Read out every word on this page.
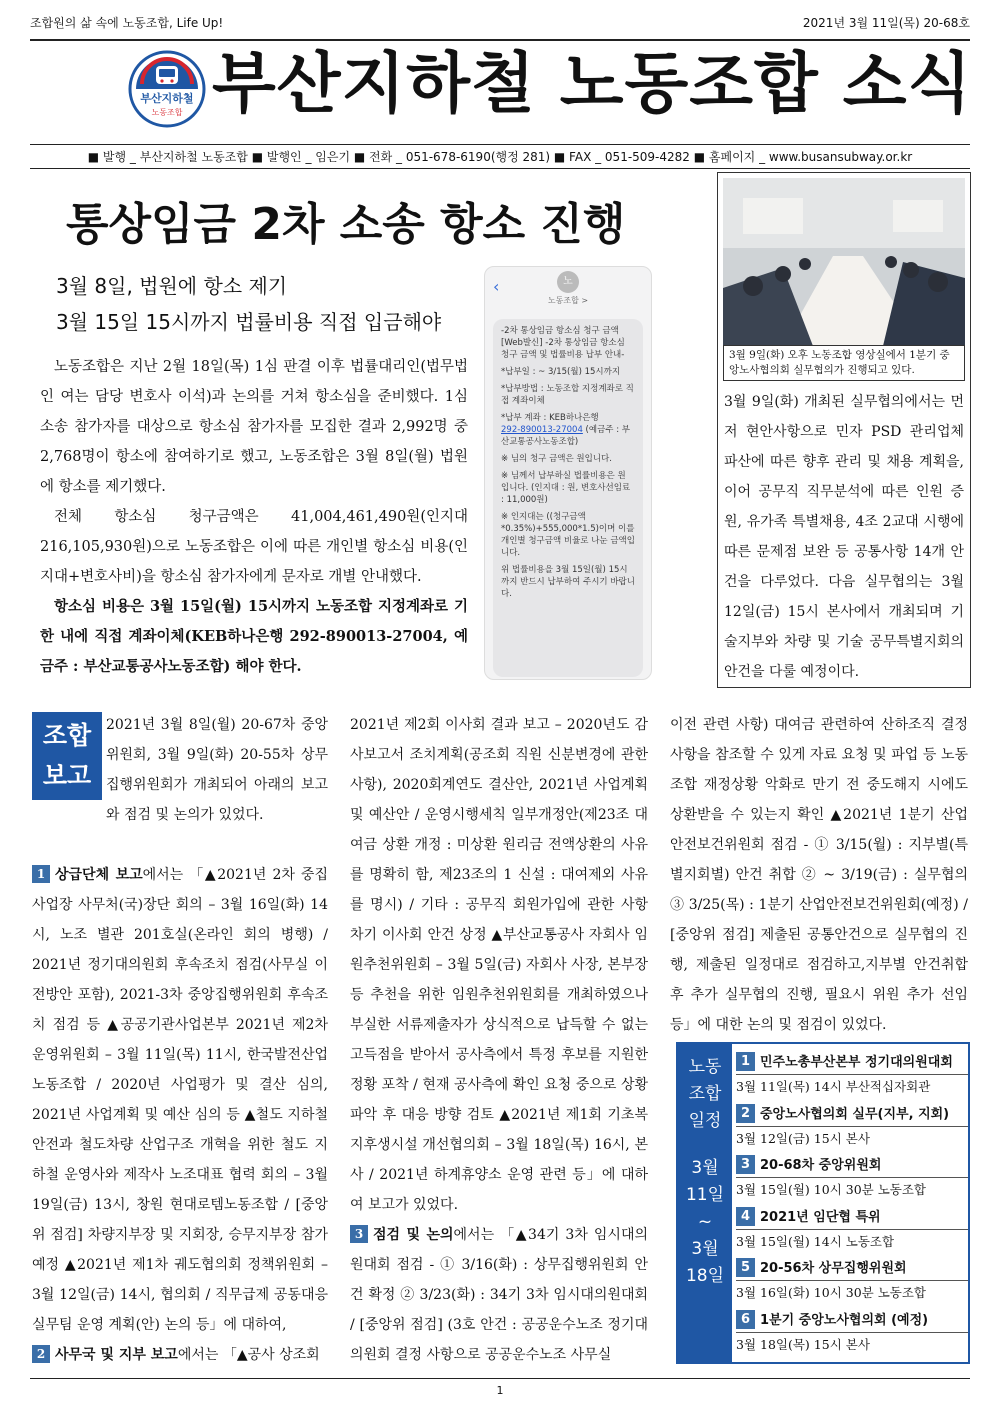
조합원의 삶 속에 노동조합, Life Up!	2021년 3월 11일(목) 20-68호
부산지하철
노동조합 부산지하철 노동조합 소식
■ 발행 _ 부산지하철 노동조합 ■ 발행인 _ 임은기 ■ 전화 _ 051-678-6190(행정 281) ■ FAX _ 051-509-4282 ■ 홈페이지 _ www.busansubway.or.kr
통상임금 2차 소송 항소 진행
3월 8일, 법원에 항소 제기
3월 15일 15시까지 법률비용 직접 입금해야

노동조합은 지난 2월 18일(목) 1심 판결 이후 법률대리인(법무법인 여는 담당 변호사 이석)과 논의를 거쳐 항소심을 준비했다. 1심 소송 참가자를 대상으로 항소심 참가자를 모집한 결과 2,992명 중 2,768명이 항소에 참여하기로 했고, 노동조합은 3월 8일(월) 법원에 항소를 제기했다.

전체 항소심 청구금액은 41,004,461,490원(인지대 216,105,930원)으로 노동조합은 이에 따른 개인별 항소심 비용(인지대+변호사비)을 항소심 참가자에게 문자로 개별 안내했다.

항소심 비용은 3월 15일(월) 15시까지 노동조합 지정계좌로 기한 내에 직접 계좌이체(KEB하나은행 292-890013-27004, 예금주 : 부산교통공사노동조합) 해야 한다.

‹	노
노동조합 >

-2차 통상임금 항소심 청구 금액 [Web발신] -2차 통상임금 항소심 청구 금액 및 법률비용 납부 안내-

*납부일 : ~ 3/15(월) 15시까지

*납부방법 : 노동조합 지정계좌로 직접 계좌이체

*납부 계좌 : KEB하나은행
292-890013-27004 (예금주 : 부산교통공사노동조합)

※ 님의 청구 금액은 원입니다.

※ 님께서 납부하실 법률비용은 원 입니다. (인지대 : 원, 변호사선임료 : 11,000원)

※ 인지대는 ((청구금액*0.35%)+555,000*1.5)이며 이를 개인별 청구금액 비율로 나눈 금액입니다.

위 법률비용을 3월 15일(월) 15시까지 반드시 납부하여 주시기 바랍니다.

3월 9일(화) 오후 노동조합 영상실에서 1분기 중앙노사협의회 실무협의가 진행되고 있다.
3월 9일(화) 개최된 실무협의에서는 먼저 현안사항으로 민자 PSD 관리업체 파산에 따른 향후 관리 및 채용 계획을, 이어 공무직 직무분석에 따른 인원 증원, 유가족 특별채용, 4조 2교대 시행에 따른 문제점 보완 등 공통사항 14개 안건을 다루었다. 다음 실무협의는 3월 12일(금) 15시 본사에서 개최되며 기술지부와 차량 및 기술 공무특별지회의 안건을 다룰 예정이다.
조합
보고
2021년 3월 8일(월) 20-67차 중앙위원회, 3월 9일(화) 20-55차 상무집행위원회가 개최되어 아래의 보고와 점검 및 논의가 있었다.
1 상급단체 보고에서는 「▲2021년 2차 중집 사업장 사무처(국)장단 회의 – 3월 16일(화) 14시, 노조 별관 201호실(온라인 회의 병행) / 2021년 정기대의원회 후속조치 점검(사무실 이전방안 포함), 2021-3차 중앙집행위원회 후속조치 점검 등 ▲공공기관사업본부 2021년 제2차 운영위원회 – 3월 11일(목) 11시, 한국발전산업노동조합 / 2020년 사업평가 및 결산 심의, 2021년 사업계획 및 예산 심의 등 ▲철도 지하철 안전과 철도차량 산업구조 개혁을 위한 철도 지하철 운영사와 제작사 노조대표 협력 회의 – 3월 19일(금) 13시, 창원 현대로템노동조합 / [중앙위 점검] 차량지부장 및 지회장, 승무지부장 참가 예정 ▲2021년 제1차 궤도협의회 정책위원회 – 3월 12일(금) 14시, 협의회 / 직무급제 공동대응 실무팀 운영 계획(안) 논의 등」에 대하여,
2 사무국 및 지부 보고에서는 「▲공사 상조회
2021년 제2회 이사회 결과 보고 – 2020년도 감사보고서 조치계획(공조회 직원 신분변경에 관한 사항), 2020회계연도 결산안, 2021년 사업계획 및 예산안 / 운영시행세칙 일부개정안(제23조 대여금 상환 개정 : 미상환 원리금 전액상환의 사유를 명확히 함, 제23조의 1 신설 : 대여제외 사유를 명시) / 기타 : 공무직 회원가입에 관한 사항 차기 이사회 안건 상정 ▲부산교통공사 자회사 임원추천위원회 – 3월 5일(금) 자회사 사장, 본부장 등 추천을 위한 임원추천위원회를 개최하였으나 부실한 서류제출자가 상식적으로 납득할 수 없는 고득점을 받아서 공사측에서 특정 후보를 지원한 정황 포착 / 현재 공사측에 확인 요청 중으로 상황 파악 후 대응 방향 검토 ▲2021년 제1회 기초복지후생시설 개선협의회 – 3월 18일(목) 16시, 본사 / 2021년 하계휴양소 운영 관련 등」에 대하여 보고가 있었다.
3 점검 및 논의에서는 「▲34기 3차 임시대의원대회 점검 - ① 3/16(화) : 상무집행위원회 안건 확정 ② 3/23(화) : 34기 3차 임시대의원대회 / [중앙위 점검] (3호 안건 : 공공운수노조 정기대의원회 결정 사항으로 공공운수노조 사무실
이전 관련 사항) 대여금 관련하여 산하조직 결정 사항을 참조할 수 있게 자료 요청 및 파업 등 노동조합 재정상황 악화로 만기 전 중도해지 시에도 상환받을 수 있는지 확인 ▲2021년 1분기 산업안전보건위원회 점검 - ① 3/15(월) : 지부별(특별지회별) 안건 취합 ② ~ 3/19(금) : 실무협의 ③ 3/25(목) : 1분기 산업안전보건위원회(예정) / [중앙위 점검] 제출된 공통안건으로 실무협의 진행, 제출된 일정대로 점검하고,지부별 안건취합 후 추가 실무협의 진행, 필요시 위원 추가 선임 등」에 대한 논의 및 점검이 있었다.
노동
조합
일정
3월
11일
~
3월
18일
1 민주노총부산본부 정기대의원대회
3월 11일(목) 14시 부산적십자회관
2 중앙노사협의회 실무(지부, 지회)
3월 12일(금) 15시 본사
3 20-68차 중앙위원회
3월 15일(월) 10시 30분 노동조합
4 2021년 임단협 특위
3월 15일(월) 14시 노동조합
5 20-56차 상무집행위원회
3월 16일(화) 10시 30분 노동조합
6 1분기 중앙노사협의회 (예정)
3월 18일(목) 15시 본사
1
